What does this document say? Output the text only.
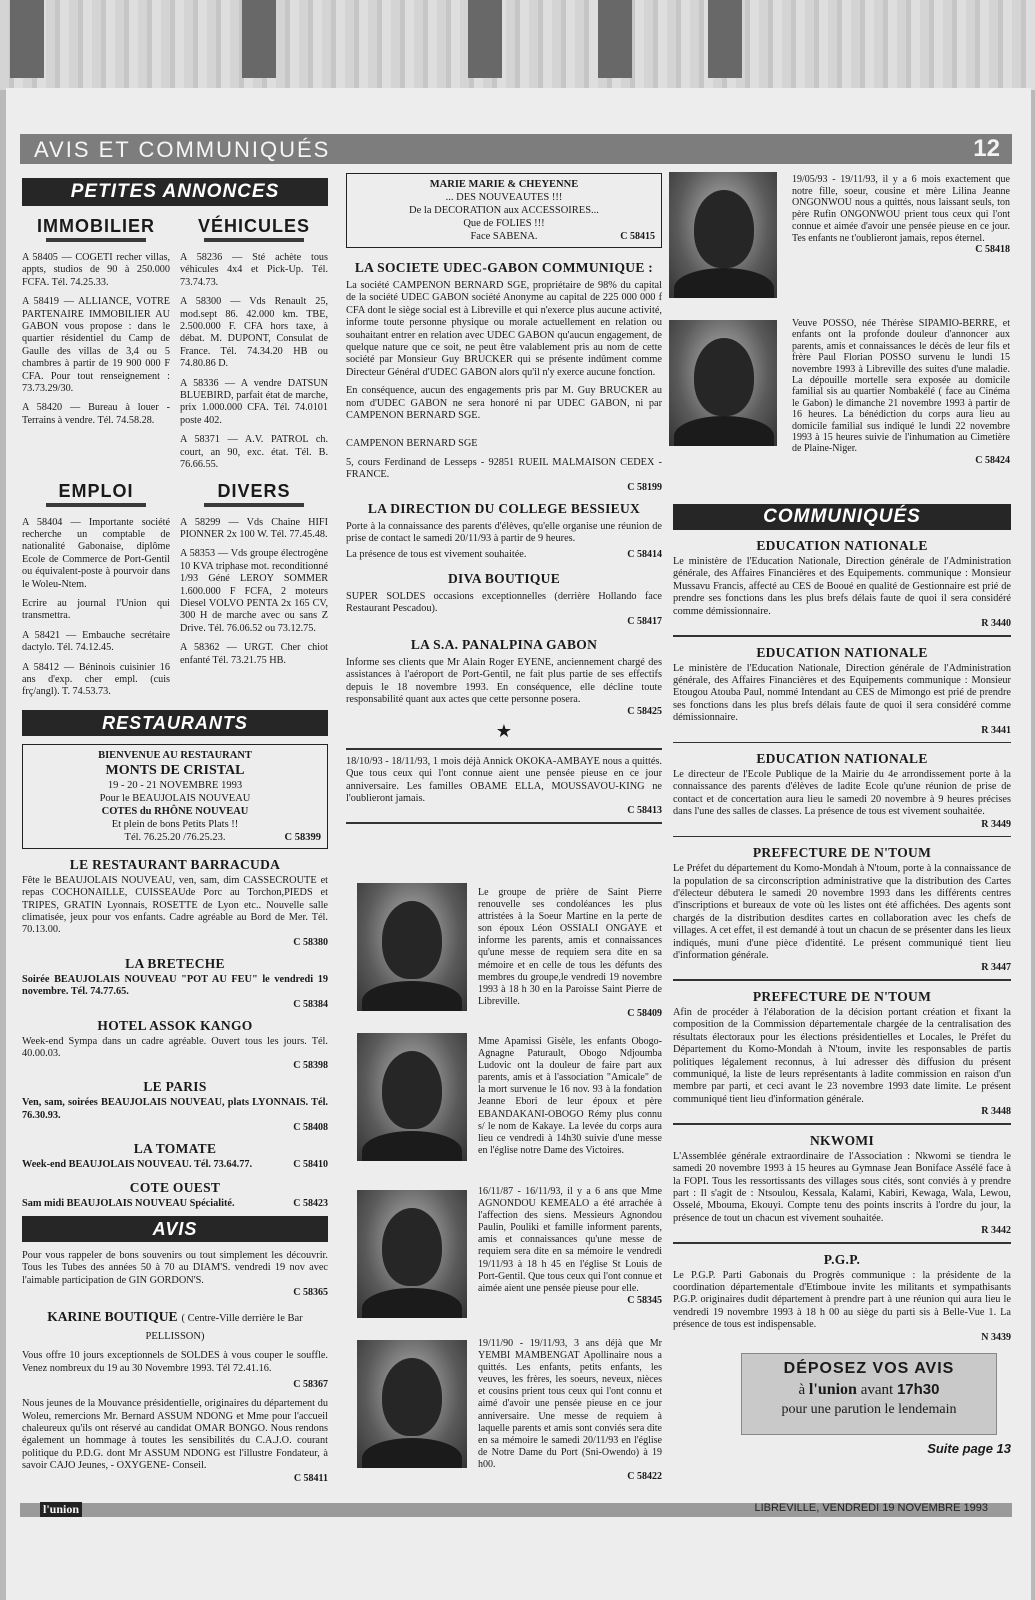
AVIS ET COMMUNIQUÉS	12
PETITES ANNONCES
IMMOBILIER
A 58405 — COGETI recher villas, appts, studios de 90 à 250.000 FCFA. Tél. 74.25.33.
A 58419 — ALLIANCE, VOTRE PARTENAIRE IMMOBILIER AU GABON vous propose : dans le quartier résidentiel du Camp de Gaulle des villas de 3,4 ou 5 chambres à partir de 19 900 000 F CFA. Pour tout renseignement : 73.73.29/30.
A 58420 — Bureau à louer - Terrains à vendre. Tél. 74.58.28.
VÉHICULES
A 58236 — Sté achète tous véhicules 4x4 et Pick-Up. Tél. 73.74.73.
A 58300 — Vds Renault 25, mod.sept 86. 42.000 km. TBE, 2.500.000 F. CFA hors taxe, à débat. M. DUPONT, Consulat de France. Tél. 74.34.20 HB ou 74.80.86 D.
A 58336 — A vendre DATSUN BLUEBIRD, parfait état de marche, prix 1.000.000 CFA. Tél. 74.0101 poste 402.
A 58371 — A.V. PATROL ch. court, an 90, exc. état. Tél. B. 76.66.55.
EMPLOI
A 58404 — Importante société recherche un comptable de nationalité Gabonaise, diplôme Ecole de Commerce de Port-Gentil ou équivalent-poste à pourvoir dans le Woleu-Ntem.
Ecrire au journal l'Union qui transmettra.
A 58421 — Embauche secrétaire dactylo. Tél. 74.12.45.
A 58412 — Béninois cuisinier 16 ans d'exp. cher empl. (cuis frç/angl). T. 74.53.73.
DIVERS
A 58299 — Vds Chaine HIFI PIONNER 2x 100 W. Tél. 77.45.48.
A 58353 — Vds groupe électrogène 10 KVA triphase mot. reconditionné 1/93 Géné LEROY SOMMER 1.600.000 F FCFA, 2 moteurs Diesel VOLVO PENTA 2x 165 CV, 300 H de marche avec ou sans Z Drive. Tél. 76.06.52 ou 73.12.75.
A 58362 — URGT. Cher chiot enfanté Tél. 73.21.75 HB.
RESTAURANTS
BIENVENUE AU RESTAURANT
MONTS DE CRISTAL
19 - 20 - 21 NOVEMBRE 1993
Pour le BEAUJOLAIS NOUVEAU
COTES du RHÔNE NOUVEAU
Et plein de bons Petits Plats !!
Tél. 76.25.20 /76.25.23.	C 58399
LE RESTAURANT BARRACUDA
Fête le BEAUJOLAIS NOUVEAU, ven, sam, dim CASSECROUTE et repas COCHONAILLE, CUISSEAUde Porc au Torchon,PIEDS et TRIPES, GRATIN Lyonnais, ROSETTE de Lyon etc.. Nouvelle salle climatisée, jeux pour vos enfants. Cadre agréable au Bord de Mer. Tél. 70.13.00.
C 58380
LA BRETECHE
Soirée BEAUJOLAIS NOUVEAU "POT AU FEU" le vendredi 19 novembre. Tél. 74.77.65.
C 58384
HOTEL ASSOK KANGO
Week-end Sympa dans un cadre agréable. Ouvert tous les jours. Tél. 40.00.03.
C 58398
LE PARIS
Ven, sam, soirées BEAUJOLAIS NOUVEAU, plats LYONNAIS. Tél. 76.30.93.
C 58408
LA TOMATE
Week-end BEAUJOLAIS NOUVEAU. Tél. 73.64.77.	C 58410
COTE OUEST
Sam midi BEAUJOLAIS NOUVEAU Spécialité.	C 58423
AVIS
Pour vous rappeler de bons souvenirs ou tout simplement les découvrir. Tous les Tubes des années 50 à 70 au DIAM'S. vendredi 19 nov avec l'aimable participation de GIN GORDON'S.
C 58365
KARINE BOUTIQUE ( Centre-Ville derrière le Bar PELLISSON)
Vous offre 10 jours exceptionnels de SOLDES à vous couper le souffle. Venez nombreux du 19 au 30 Novembre 1993. Tél 72.41.16.
C 58367
Nous jeunes de la Mouvance présidentielle, originaires du département du Woleu, remercions Mr. Bernard ASSUM NDONG et Mme pour l'accueil chaleureux qu'ils ont réservé au candidat OMAR BONGO. Nous rendons également un hommage à toutes les sensibilités du C.A.J.O. courant politique du P.D.G. dont Mr ASSUM NDONG est l'illustre Fondateur, à savoir CAJO Jeunes, - OXYGENE- Conseil.
C 58411
MARIE MARIE & CHEYENNE
... DES NOUVEAUTES !!!
De la DECORATION aux ACCESSOIRES...
Que de FOLIES !!!
Face SABENA.	C 58415
LA SOCIETE UDEC-GABON COMMUNIQUE :
La société CAMPENON BERNARD SGE, propriétaire de 98% du capital de la société UDEC GABON société Anonyme au capital de 225 000 000 f CFA dont le siège social est à Libreville et qui n'exerce plus aucune activité, informe toute personne physique ou morale actuellement en relation ou souhaitant entrer en relation avec UDEC GABON qu'aucun engagement, de quelque nature que ce soit, ne peut être valablement pris au nom de cette société par Monsieur Guy BRUCKER qui se présente indûment comme Directeur Général d'UDEC GABON alors qu'il n'y exerce aucune fonction.
En conséquence, aucun des engagements pris par M. Guy BRUCKER au nom d'UDEC GABON ne sera honoré ni par UDEC GABON, ni par CAMPENON BERNARD SGE.
CAMPENON BERNARD SGE
5, cours Ferdinand de Lesseps - 92851 RUEIL MALMAISON CEDEX - FRANCE.
C 58199
LA DIRECTION DU COLLEGE BESSIEUX
Porte à la connaissance des parents d'élèves, qu'elle organise une réunion de prise de contact le samedi 20/11/93 à partir de 9 heures.
La présence de tous est vivement souhaitée.	C 58414
DIVA BOUTIQUE
SUPER SOLDES occasions exceptionnelles (derrière Hollando face Restaurant Pescadou).
C 58417
LA S.A. PANALPINA GABON
Informe ses clients que Mr Alain Roger EYENE, anciennement chargé des assistances à l'aéroport de Port-Gentil, ne fait plus partie de ses effectifs depuis le 18 novembre 1993. En conséquence, elle décline toute responsabilité quant aux actes que cette personne posera.
C 58425
★
18/10/93 - 18/11/93, 1 mois déjà Annick OKOKA-AMBAYE nous a quittés. Que tous ceux qui l'ont connue aient une pensée pieuse en ce jour anniversaire. Les familles OBAME ELLA, MOUSSAVOU-KING ne l'oublieront jamais.
C 58413
Le groupe de prière de Saint Pierre renouvelle ses condoléances les plus attristées à la Soeur Martine en la perte de son époux Léon OSSIALI ONGAYE et informe les parents, amis et connaissances qu'une messe de requiem sera dite en sa mémoire et en celle de tous les défunts des membres du groupe,le vendredi 19 novembre 1993 à 18 h 30 en la Paroisse Saint Pierre de Libreville.
C 58409
Mme Apamissi Gisèle, les enfants Obogo-Agnagne Paturault, Obogo Ndjoumba Ludovic ont la douleur de faire part aux parents, amis et à l'association "Amicale" de la mort survenue le 16 nov. 93 à la fondation Jeanne Ebori de leur époux et père EBANDAKANI-OBOGO Rémy plus connu s/ le nom de Kakaye. La levée du corps aura lieu ce vendredi à 14h30 suivie d'une messe en l'église notre Dame des Victoires.
16/11/87 - 16/11/93, il y a 6 ans que Mme AGNONDOU KEMEALO a été arrachée à l'affection des siens. Messieurs Agnondou Paulin, Pouliki et famille informent parents, amis et connaissances qu'une messe de requiem sera dite en sa mémoire le vendredi 19/11/93 à 18 h 45 en l'église St Louis de Port-Gentil. Que tous ceux qui l'ont connue et aimée aient une pensée pieuse pour elle.
C 58345
19/11/90 - 19/11/93, 3 ans déjà que Mr YEMBI MAMBENGAT Apollinaire nous a quittés. Les enfants, petits enfants, les veuves, les frères, les soeurs, neveux, nièces et cousins prient tous ceux qui l'ont connu et aimé d'avoir une pensée pieuse en ce jour anniversaire. Une messe de requiem à laquelle parents et amis sont conviés sera dite en sa mémoire le samedi 20/11/93 en l'église de Notre Dame du Port (Sni-Owendo) à 19 h00.
C 58422
19/05/93 - 19/11/93, il y a 6 mois exactement que notre fille, soeur, cousine et mère Lilina Jeanne ONGONWOU nous a quittés, nous laissant seuls, ton père Rufin ONGONWOU prient tous ceux qui l'ont connue et aimée d'avoir une pensée pieuse en ce jour. Tes enfants ne t'oublieront jamais, repos éternel.
C 58418
Veuve POSSO, née Thérèse SIPAMIO-BERRE, et enfants ont la profonde douleur d'annoncer aux parents, amis et connaissances le décès de leur fils et frère Paul Florian POSSO survenu le lundi 15 novembre 1993 à Libreville des suites d'une maladie. La dépouille mortelle sera exposée au domicile familial sis au quartier Nombakélé ( face au Cinéma le Gabon) le dimanche 21 novembre 1993 à partir de 16 heures. La bénédiction du corps aura lieu au domicile familial sus indiqué le lundi 22 novembre 1993 à 15 heures suivie de l'inhumation au Cimetière de Plaine-Niger.
C 58424
COMMUNIQUÉS
EDUCATION NATIONALE
Le ministère de l'Education Nationale, Direction générale de l'Administration générale, des Affaires Financières et des Equipements. communique : Monsieur Mussavu Francis, affecté au CES de Booué en qualité de Gestionnaire est prié de prendre ses fonctions dans les plus brefs délais faute de quoi il sera considéré comme démissionnaire.
R 3440
EDUCATION NATIONALE
Le ministère de l'Education Nationale, Direction générale de l'Administration générale, des Affaires Financières et des Equipements communique : Monsieur Etougou Atouba Paul, nommé Intendant au CES de Mimongo est prié de prendre ses fonctions dans les plus brefs délais faute de quoi il sera considéré comme démissionnaire.
R 3441
EDUCATION NATIONALE
Le directeur de l'Ecole Publique de la Mairie du 4e arrondissement porte à la connaissance des parents d'élèves de ladite Ecole qu'une réunion de prise de contact et de concertation aura lieu le samedi 20 novembre à 9 heures précises dans l'une des salles de classes. La présence de tous est vivement souhaitée.
R 3449
PREFECTURE DE N'TOUM
Le Préfet du département du Komo-Mondah à N'toum, porte à la connaissance de la population de sa circonscription administrative que la distribution des Cartes d'électeur débutera le samedi 20 novembre 1993 dans les différents centres d'inscriptions et bureaux de vote où les listes ont été affichées. Des agents sont chargés de la distribution desdites cartes en collaboration avec les chefs de villages. A cet effet, il est demandé à tout un chacun de se présenter dans les lieux indiqués, muni d'une pièce d'identité. Le présent communiqué tient lieu d'information générale.
R 3447
PREFECTURE DE N'TOUM
Afin de procéder à l'élaboration de la décision portant création et fixant la composition de la Commission départementale chargée de la centralisation des résultats électoraux pour les élections présidentielles et Locales, le Préfet du Département du Komo-Mondah à N'toum, invite les responsables de partis politiques légalement reconnus, à lui adresser dès diffusion du présent communiqué, la liste de leurs représentants à ladite commission en raison d'un membre par parti, et ceci avant le 23 novembre 1993 date limite. Le présent communiqué tient lieu d'information générale.
R 3448
NKWOMI
L'Assemblée générale extraordinaire de l'Association : Nkwomi se tiendra le samedi 20 novembre 1993 à 15 heures au Gymnase Jean Boniface Assélé face à la FOPI. Tous les ressortissants des villages sous cités, sont conviés à y prendre part : Il s'agit de : Ntsoulou, Kessala, Kalami, Kabiri, Kewaga, Wala, Lewou, Osselé, Mbouma, Ekouyi. Compte tenu des points inscrits à l'ordre du jour, la présence de tout un chacun est vivement souhaitée.
R 3442
P.G.P.
Le P.G.P. Parti Gabonais du Progrès communique : la présidente de la coordination départementale d'Etimboue invite les militants et sympathisants P.G.P. originaires dudit département à prendre part à une réunion qui aura lieu le vendredi 19 novembre 1993 à 18 h 00 au siège du parti sis à Belle-Vue 1. La présence de tous est indispensable.
N 3439
DÉPOSEZ VOS AVIS
à l'union avant 17h30
pour une parution le lendemain
Suite page 13
l'union	LIBREVILLE, VENDREDI 19 NOVEMBRE 1993
